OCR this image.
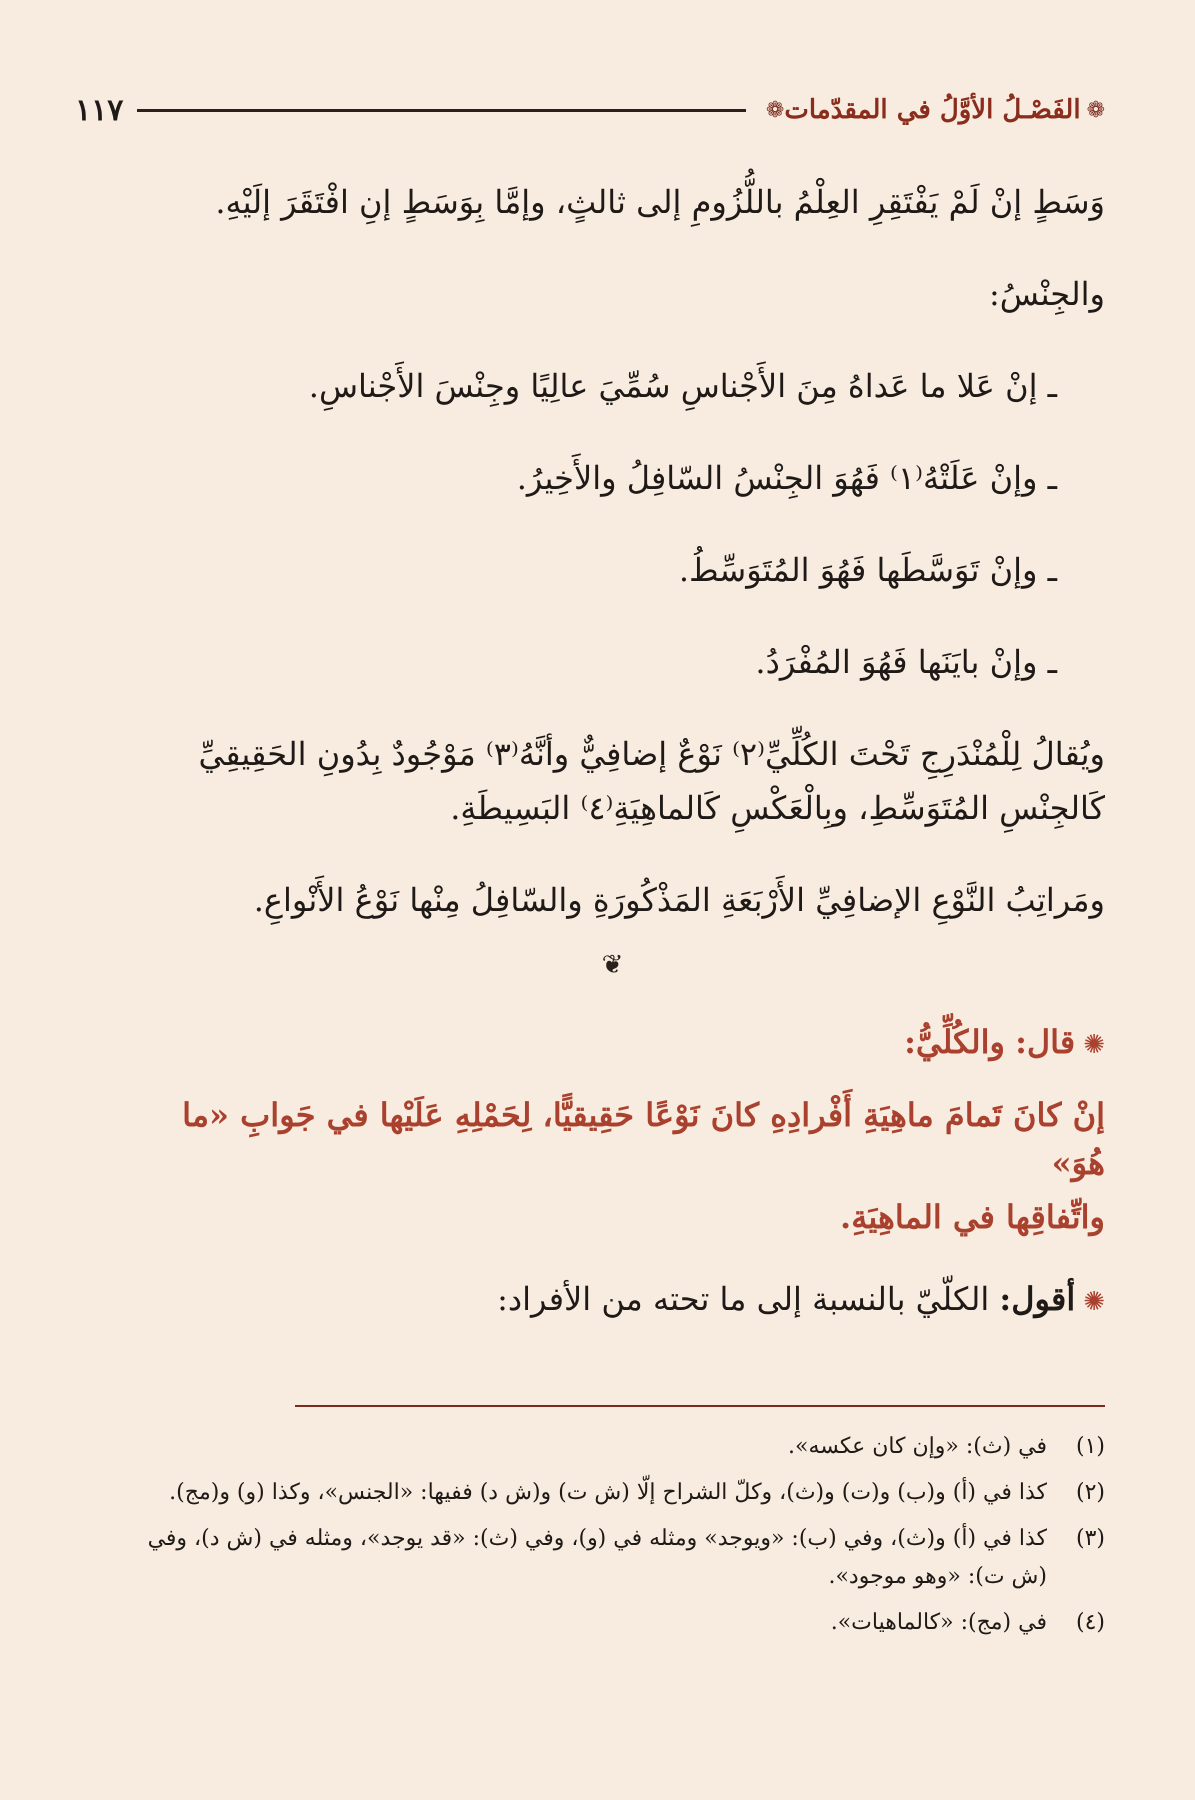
❁
الفَصْـلُ الأوَّلُ في المقدّمات
❁
١١٧

وَسَطٍ إنْ لَمْ يَفْتَقِرِ العِلْمُ باللُّزُومِ إلى ثالثٍ، وإمَّا بِوَسَطٍ إنِ افْتَقَرَ إلَيْهِ.

والجِنْسُ:

ـ إنْ عَلا ما عَداهُ مِنَ الأَجْناسِ سُمِّيَ عالِيًا وجِنْسَ الأَجْناسِ.

ـ وإنْ عَلَتْهُ⁽١⁾ فَهُوَ الجِنْسُ السّافِلُ والأَخِيرُ.

ـ وإنْ تَوَسَّطَها فَهُوَ المُتَوَسِّطُ.

ـ وإنْ بايَنَها فَهُوَ المُفْرَدُ.

ويُقالُ لِلْمُنْدَرِجِ تَحْتَ الكُلِّيِّ⁽٢⁾ نَوْعٌ إضافِيٌّ وأنَّهُ⁽٣⁾ مَوْجُودٌ بِدُونِ الحَقِيقِيِّ

كَالجِنْسِ المُتَوَسِّطِ، وبِالْعَكْسِ كَالماهِيَةِ⁽٤⁾ البَسِيطَةِ.

ومَراتِبُ النَّوْعِ الإضافِيِّ الأَرْبَعَةِ المَذْكُورَةِ والسّافِلُ مِنْها نَوْعُ الأَنْواعِ.

❦

✺قال: والكُلِّيُّ:

إنْ كانَ تَمامَ ماهِيَةِ أَفْرادِهِ كانَ نَوْعًا حَقِيقيًّا، لِحَمْلِهِ عَلَيْها في جَوابِ «ما هُوَ»

واتِّفاقِها في الماهِيَةِ.

✺أقول: الكلّيّ بالنسبة إلى ما تحته من الأفراد:

(١)
في (ث): «وإن كان عكسه».
(٢)
كذا في (أ) و(ب) و(ت) و(ث)، وكلّ الشراح إلّا (ش ت) و(ش د) ففيها: «الجنس»، وكذا (و) و(مج).
(٣)
كذا في (أ) و(ث)، وفي (ب): «ويوجد» ومثله في (و)، وفي (ث): «قد يوجد»، ومثله في (ش د)، وفي (ش ت): «وهو موجود».
(٤)
في (مج): «كالماهيات».
